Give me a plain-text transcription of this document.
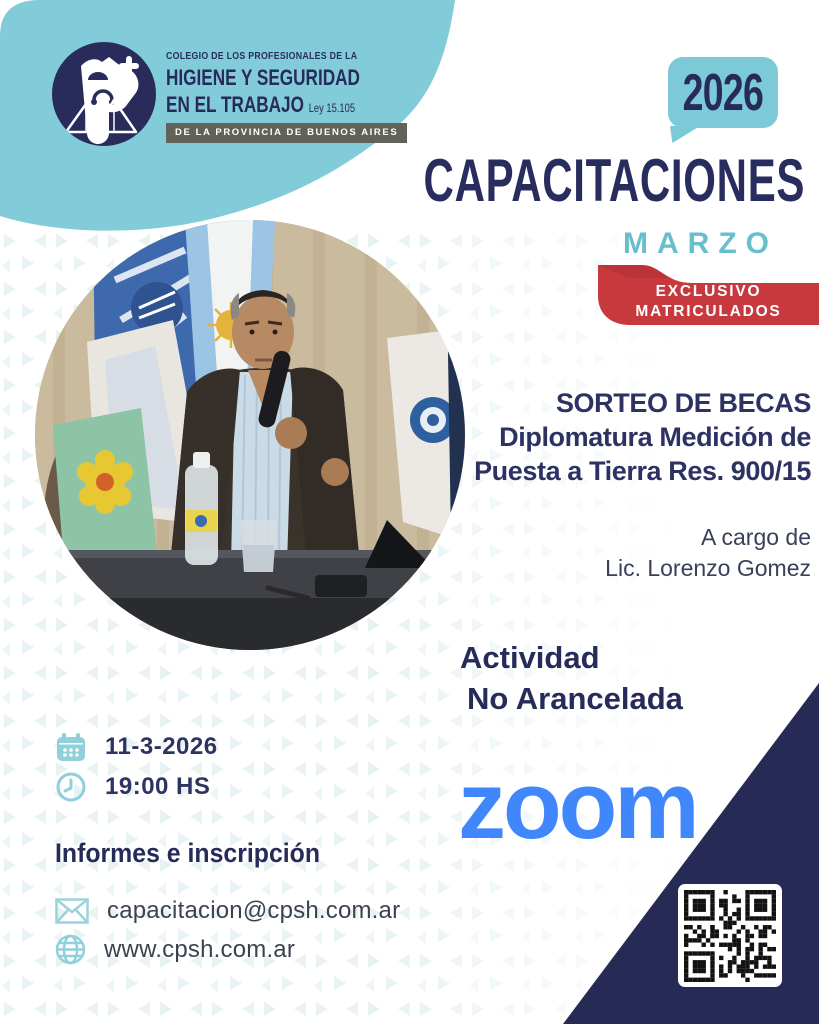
COLEGIO DE LOS PROFESIONALES DE LA
HIGIENE Y SEGURIDAD
EN EL TRABAJO Ley 15.105
DE LA PROVINCIA DE BUENOS AIRES
2026
CAPACITACIONES
MARZO
EXCLUSIVO
MATRICULADOS
SORTEO DE BECAS
Diplomatura Medición de
Puesta a Tierra Res. 900/15
A cargo de
Lic. Lorenzo Gomez
Actividad
No Arancelada
11-3-2026
19:00 HS
Informes e inscripción
capacitacion@cpsh.com.ar
www.cpsh.com.ar
zoom
